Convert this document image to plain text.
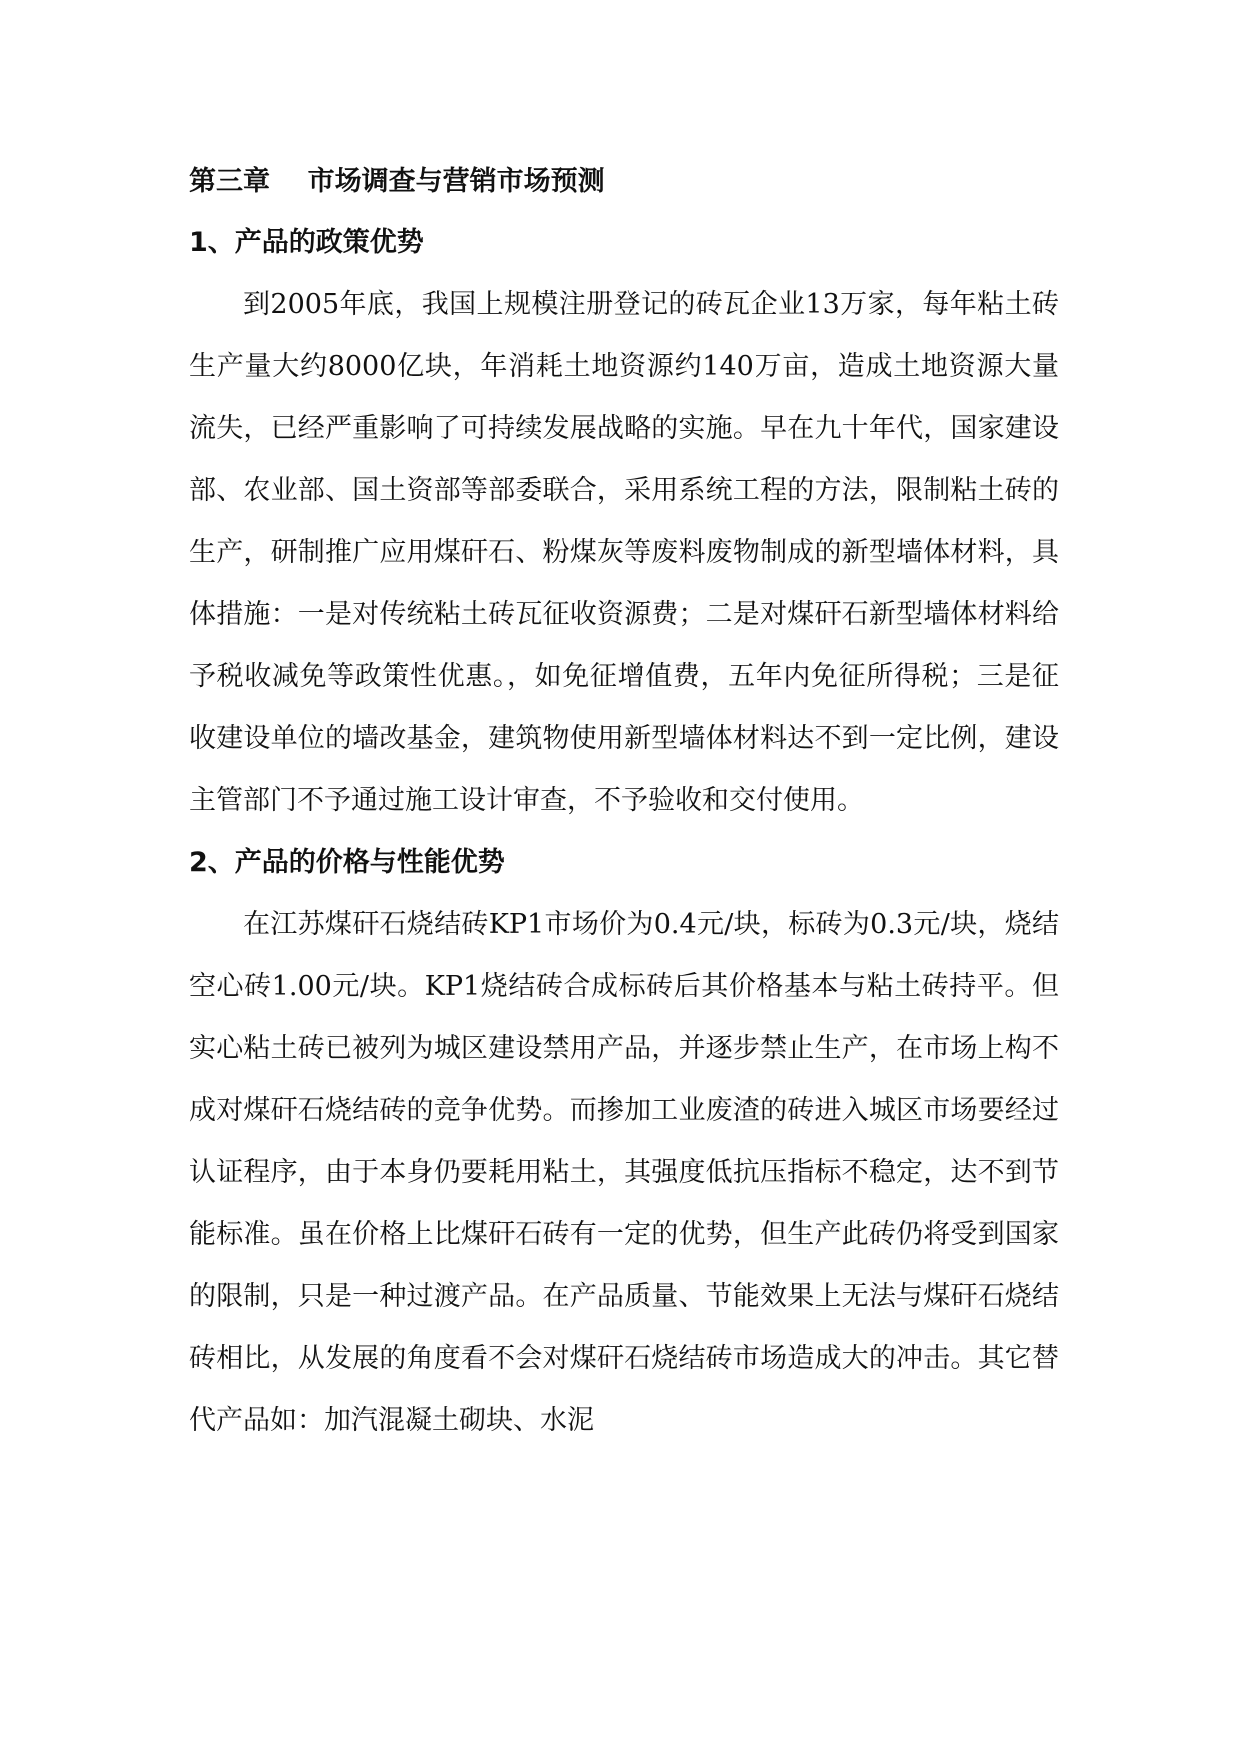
第三章    市场调查与营销市场预测
1、产品的政策优势

到2005年底，我国上规模注册登记的砖瓦企业13万家，每年粘土砖生产量大约8000亿块，年消耗土地资源约140万亩，造成土地资源大量流失，已经严重影响了可持续发展战略的实施。早在九十年代，国家建设部、农业部、国土资部等部委联合，采用系统工程的方法，限制粘土砖的生产，研制推广应用煤矸石、粉煤灰等废料废物制成的新型墙体材料，具体措施：一是对传统粘土砖瓦征收资源费；二是对煤矸石新型墙体材料给予税收减免等政策性优惠。，如免征增值费，五年内免征所得税；三是征收建设单位的墙改基金，建筑物使用新型墙体材料达不到一定比例，建设主管部门不予通过施工设计审查，不予验收和交付使用。

2、产品的价格与性能优势

在江苏煤矸石烧结砖KP1市场价为0.4元/块，标砖为0.3元/块，烧结空心砖1.00元/块。KP1烧结砖合成标砖后其价格基本与粘土砖持平。但实心粘土砖已被列为城区建设禁用产品，并逐步禁止生产，在市场上构不成对煤矸石烧结砖的竞争优势。而掺加工业废渣的砖进入城区市场要经过认证程序，由于本身仍要耗用粘土，其强度低抗压指标不稳定，达不到节能标准。虽在价格上比煤矸石砖有一定的优势，但生产此砖仍将受到国家的限制，只是一种过渡产品。在产品质量、节能效果上无法与煤矸石烧结砖相比，从发展的角度看不会对煤矸石烧结砖市场造成大的冲击。其它替代产品如：加汽混凝土砌块、水泥
